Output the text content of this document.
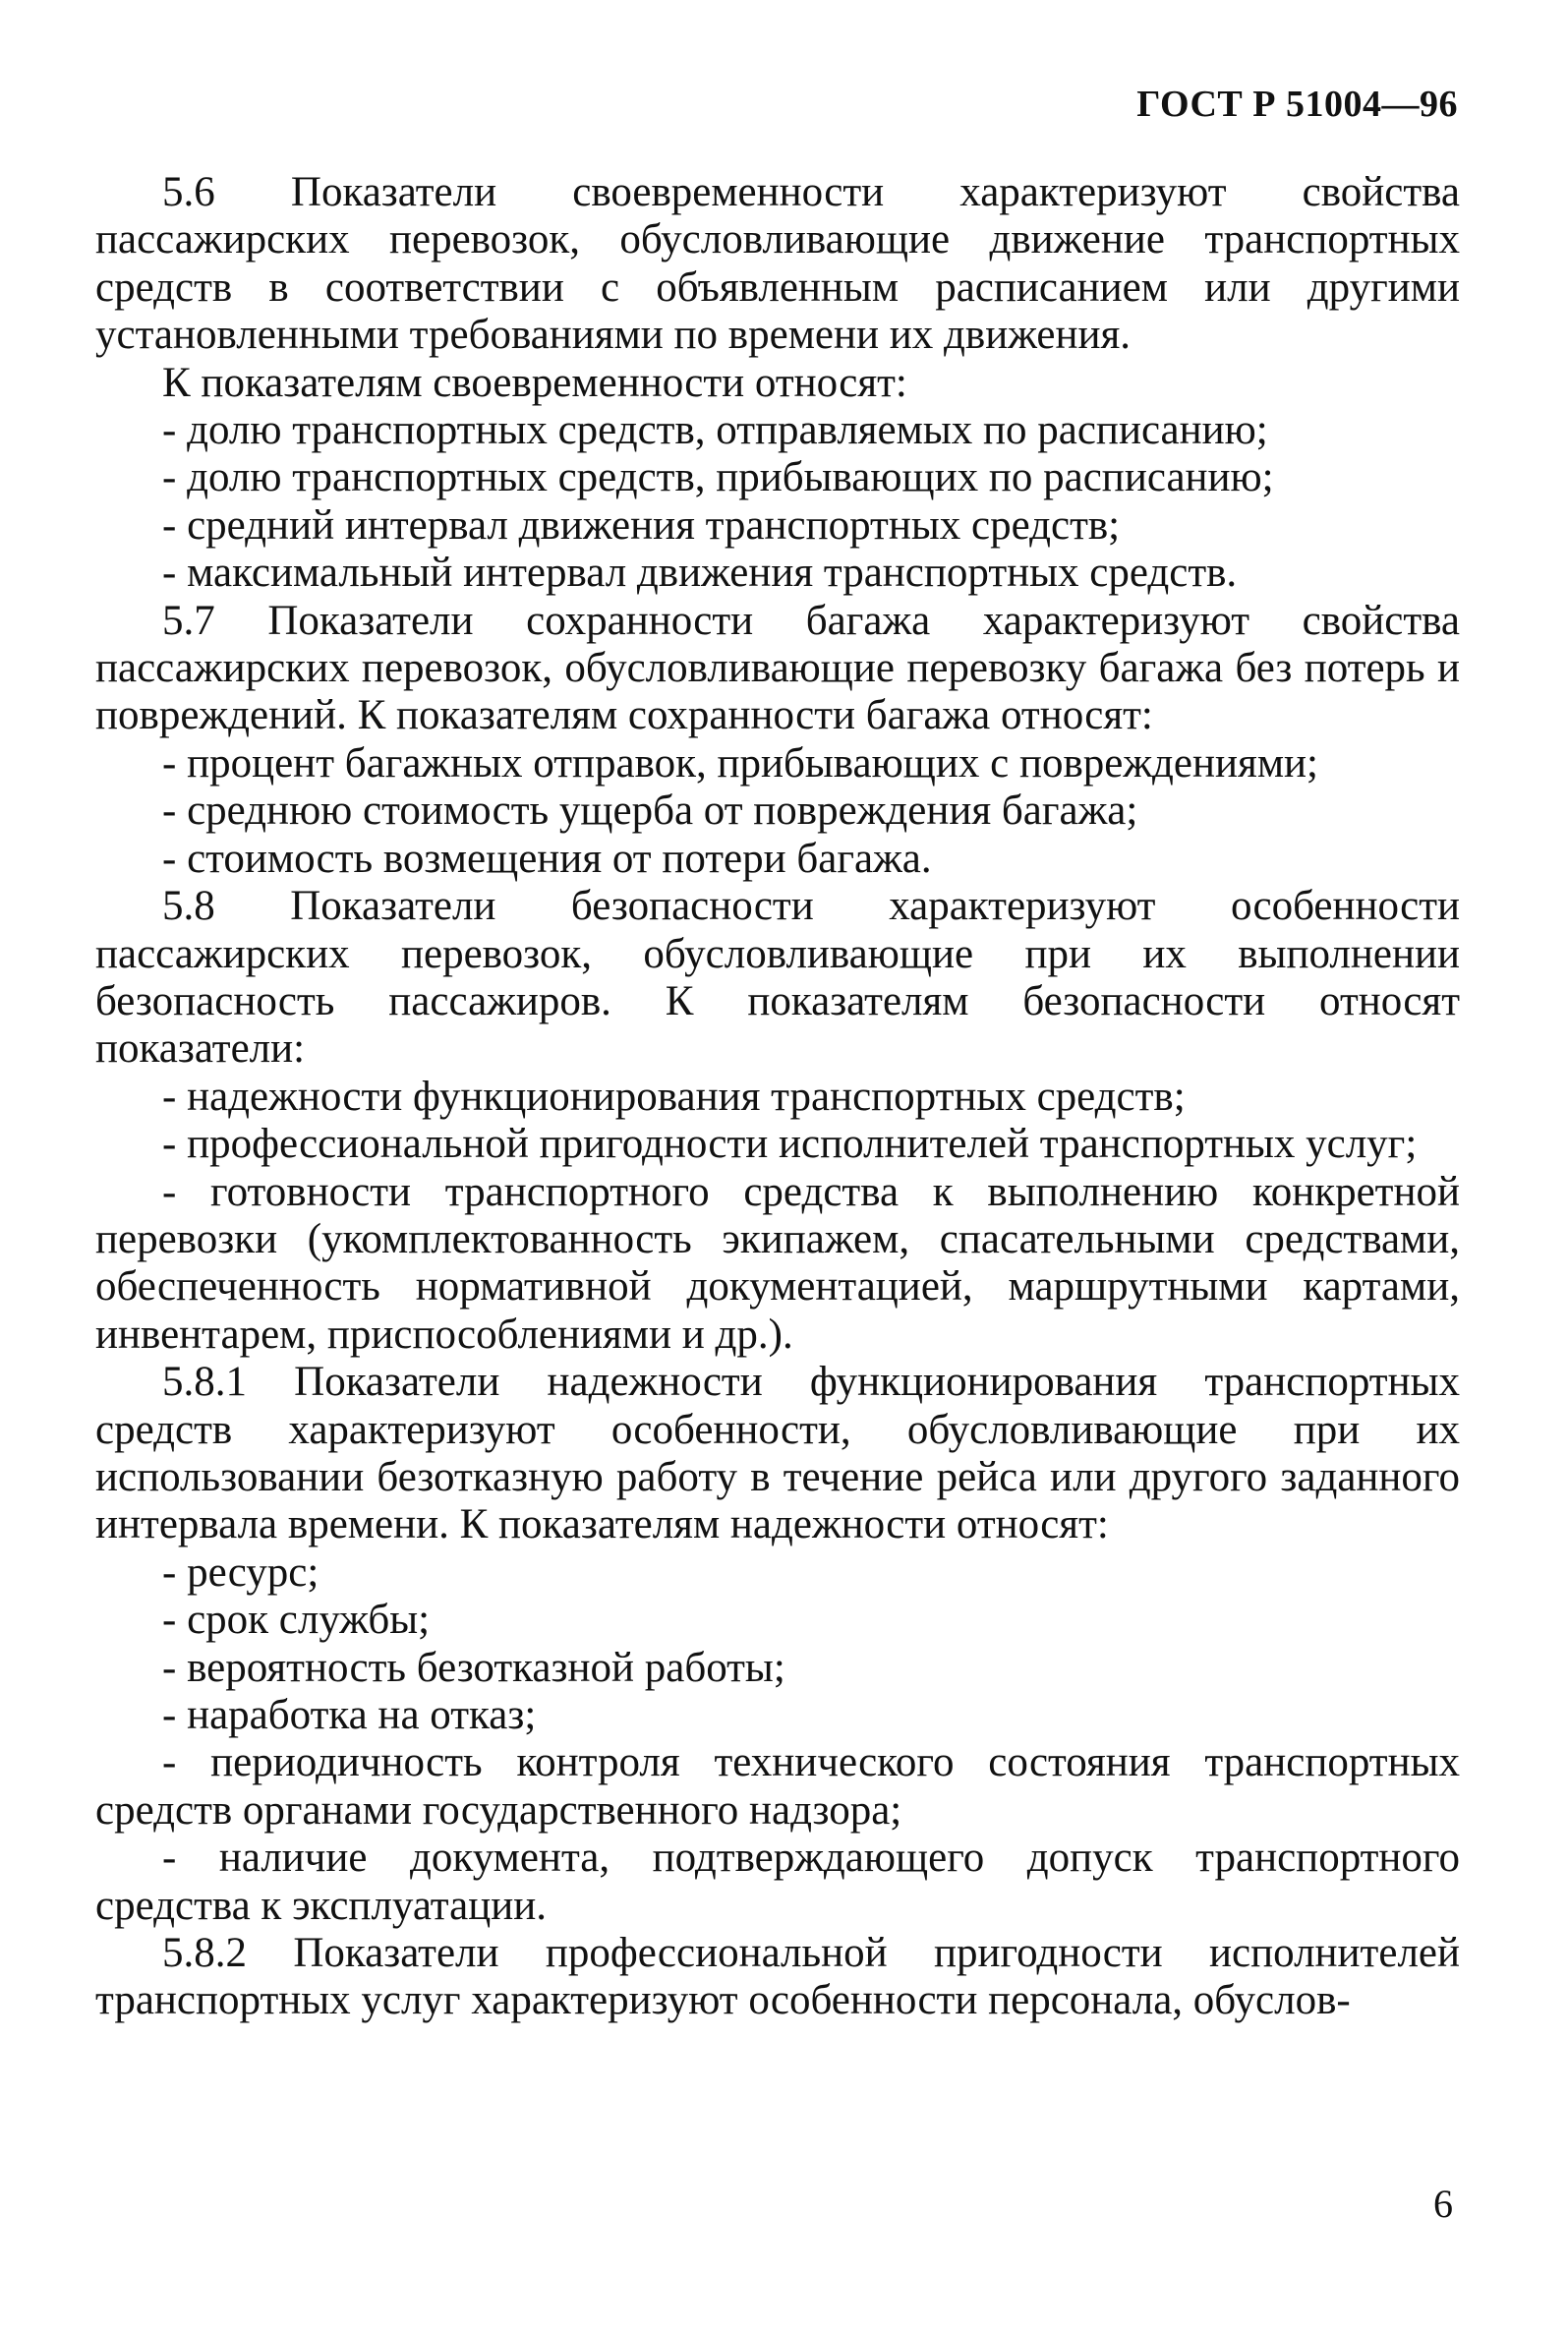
ГОСТ Р 51004—96

5.6 Показатели своевременности характеризуют свойства пассажирских перевозок, обусловливающие движение транспортных средств в соответствии с объявленным расписанием или другими установленными требованиями по времени их движения.

К показателям своевременности относят:

- долю транспортных средств, отправляемых по расписанию;

- долю транспортных средств, прибывающих по расписанию;

- средний интервал движения транспортных средств;

- максимальный интервал движения транспортных средств.

5.7 Показатели сохранности багажа характеризуют свойства пассажирских перевозок, обусловливающие перевозку багажа без потерь и повреждений. К показателям сохранности багажа относят:

- процент багажных отправок, прибывающих с повреждениями;

- среднюю стоимость ущерба от повреждения багажа;

- стоимость возмещения от потери багажа.

5.8 Показатели безопасности характеризуют особенности пассажирских перевозок, обусловливающие при их выполнении безопасность пассажиров. К показателям безопасности относят показатели:

- надежности функционирования транспортных средств;

- профессиональной пригодности исполнителей транспортных услуг;

- готовности транспортного средства к выполнению конкретной перевозки (укомплектованность экипажем, спасательными средствами, обеспеченность нормативной документацией, маршрутными картами, инвентарем, приспособлениями и др.).

5.8.1 Показатели надежности функционирования транспортных средств характеризуют особенности, обусловливающие при их использовании безотказную работу в течение рейса или другого заданного интервала времени. К показателям надежности относят:

- ресурс;

- срок службы;

- вероятность безотказной работы;

- наработка на отказ;

- периодичность контроля технического состояния транспортных средств органами государственного надзора;

- наличие документа, подтверждающего допуск транспортного средства к эксплуатации.

5.8.2 Показатели профессиональной пригодности исполнителей транспортных услуг характеризуют особенности персонала, обуслов-

6
